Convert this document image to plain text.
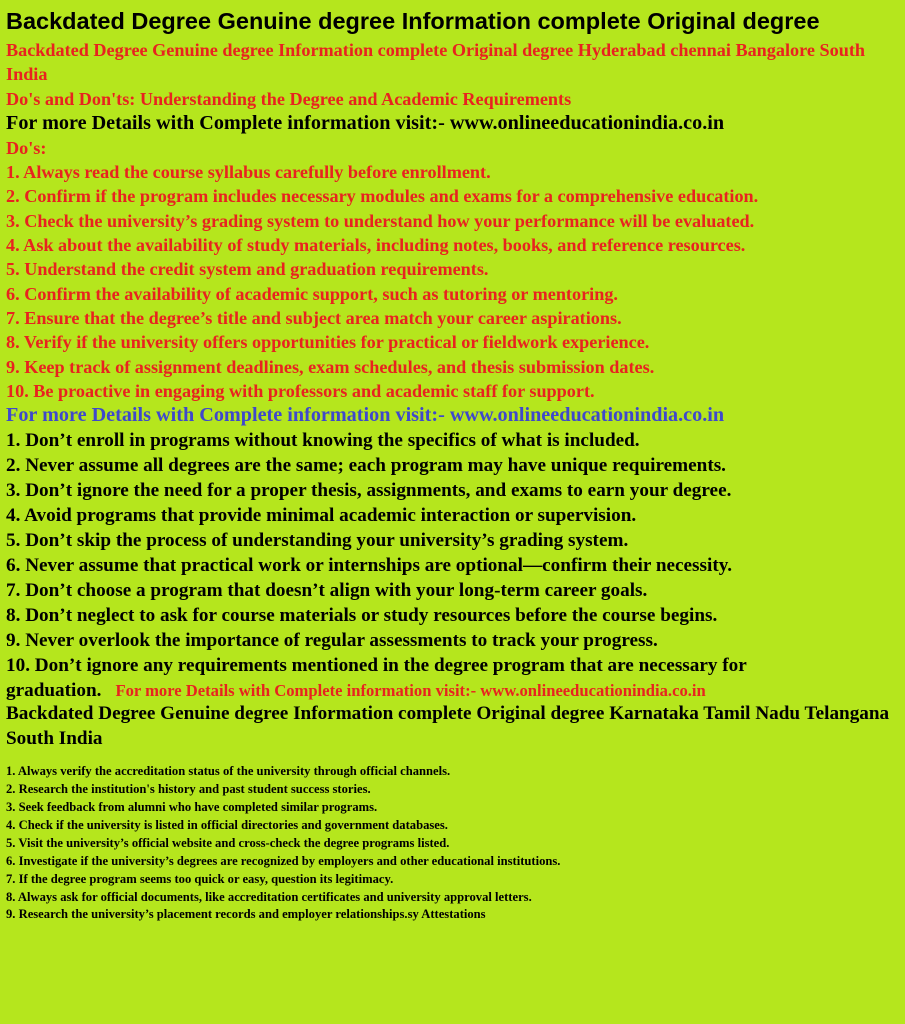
Backdated Degree Genuine degree Information complete Original degree
Backdated Degree Genuine degree Information complete Original degree Hyderabad chennai Bangalore South India
Do's and Don'ts: Understanding the Degree and Academic Requirements
For more Details with Complete information visit:- www.onlineeducationindia.co.in
Do's:
1. Always read the course syllabus carefully before enrollment.
2. Confirm if the program includes necessary modules and exams for a comprehensive education.
3. Check the university’s grading system to understand how your performance will be evaluated.
4. Ask about the availability of study materials, including notes, books, and reference resources.
5. Understand the credit system and graduation requirements.
6. Confirm the availability of academic support, such as tutoring or mentoring.
7. Ensure that the degree’s title and subject area match your career aspirations.
8. Verify if the university offers opportunities for practical or fieldwork experience.
9. Keep track of assignment deadlines, exam schedules, and thesis submission dates.
10. Be proactive in engaging with professors and academic staff for support.
For more Details with Complete information visit:- www.onlineeducationindia.co.in
1. Don’t enroll in programs without knowing the specifics of what is included.
2. Never assume all degrees are the same; each program may have unique requirements.
3. Don’t ignore the need for a proper thesis, assignments, and exams to earn your degree.
4. Avoid programs that provide minimal academic interaction or supervision.
5. Don’t skip the process of understanding your university’s grading system.
6. Never assume that practical work or internships are optional—confirm their necessity.
7. Don’t choose a program that doesn’t align with your long-term career goals.
8. Don’t neglect to ask for course materials or study resources before the course begins.
9. Never overlook the importance of regular assessments to track your progress.
10. Don’t ignore any requirements mentioned in the degree program that are necessary for
graduation. For more Details with Complete information visit:- www.onlineeducationindia.co.in
Backdated Degree Genuine degree Information complete Original degree Karnataka Tamil Nadu Telangana South India
1. Always verify the accreditation status of the university through official channels.
2. Research the institution's history and past student success stories.
3. Seek feedback from alumni who have completed similar programs.
4. Check if the university is listed in official directories and government databases.
5. Visit the university’s official website and cross-check the degree programs listed.
6. Investigate if the university’s degrees are recognized by employers and other educational institutions.
7. If the degree program seems too quick or easy, question its legitimacy.
8. Always ask for official documents, like accreditation certificates and university approval letters.
9. Research the university’s placement records and employer relationships.sy Attestations
